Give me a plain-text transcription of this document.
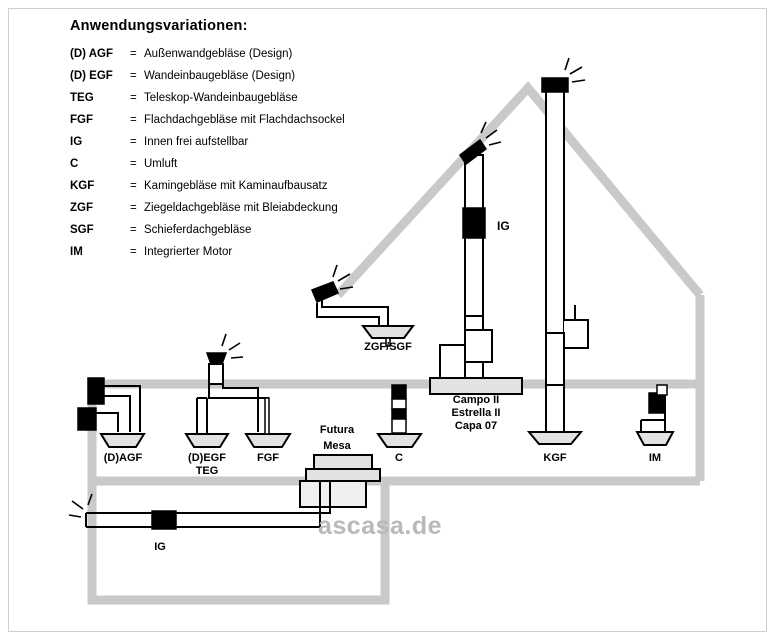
Anwendungsvariationen:
(D) AGF	= Außenwandgebläse (Design)
(D) EGF	= Wandeinbaugebläse (Design)
TEG	= Teleskop-Wandeinbaugebläse
FGF	= Flachdachgebläse mit Flachdachsockel
IG	= Innen frei aufstellbar
C	= Umluft
KGF	= Kamingebläse mit Kaminaufbausatz
ZGF	= Ziegeldachgebläse mit Bleiabdeckung
SGF	= Schieferdachgebläse
IM	= Integrierter Motor
IG
ZGF/SGF
(D)AGF	(D)EGF
TEG
FGF
Futura
Mesa
C	KGF	IM
IG
Campo II
Estrella II
Capa 07
ascasa.de
